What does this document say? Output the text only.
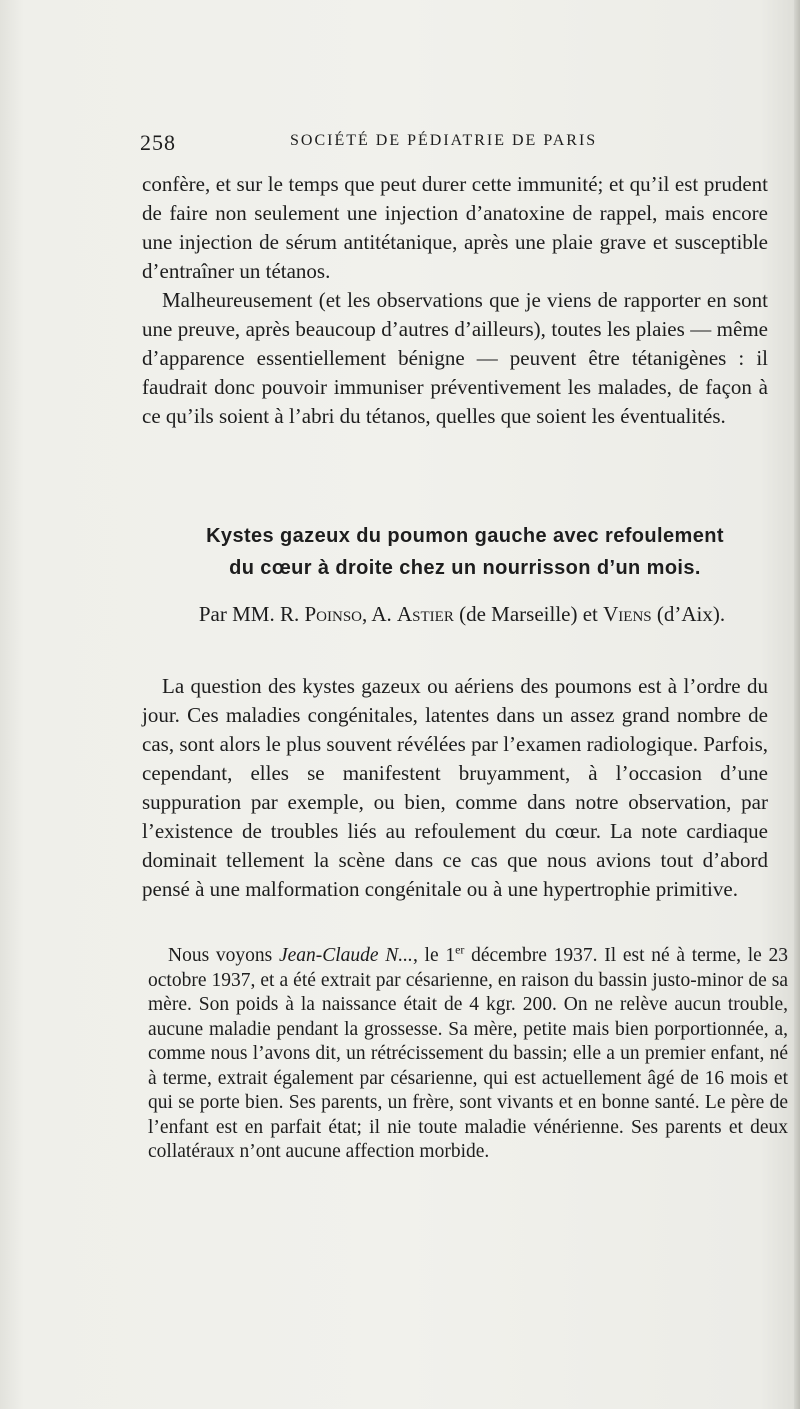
258	SOCIÉTÉ DE PÉDIATRIE DE PARIS

confère, et sur le temps que peut durer cette immunité; et qu’il est prudent de faire non seulement une injection d’anatoxine de rappel, mais encore une injection de sérum antitétanique, après une plaie grave et susceptible d’entraîner un tétanos.

Malheureusement (et les observations que je viens de rapporter en sont une preuve, après beaucoup d’autres d’ailleurs), toutes les plaies — même d’apparence essentiellement bénigne — peuvent être tétanigènes : il faudrait donc pouvoir immuniser préventivement les malades, de façon à ce qu’ils soient à l’abri du tétanos, quelles que soient les éventualités.

Kystes gazeux du poumon gauche avec refoulement
du cœur à droite chez un nourrisson d’un mois.
Par MM. R. Poinso, A. Astier (de Marseille) et Viens (d’Aix).

La question des kystes gazeux ou aériens des poumons est à l’ordre du jour. Ces maladies congénitales, latentes dans un assez grand nombre de cas, sont alors le plus souvent révélées par l’examen radiologique. Parfois, cependant, elles se manifestent bruyamment, à l’occasion d’une suppuration par exemple, ou bien, comme dans notre observation, par l’existence de troubles liés au refoulement du cœur. La note cardiaque dominait tellement la scène dans ce cas que nous avions tout d’abord pensé à une malformation congénitale ou à une hypertrophie primitive.

Nous voyons Jean-Claude N..., le 1er décembre 1937. Il est né à terme, le 23 octobre 1937, et a été extrait par césarienne, en raison du bassin justo-minor de sa mère. Son poids à la naissance était de 4 kgr. 200. On ne relève aucun trouble, aucune maladie pendant la grossesse. Sa mère, petite mais bien porportionnée, a, comme nous l’avons dit, un rétrécissement du bassin; elle a un premier enfant, né à terme, extrait également par césarienne, qui est actuellement âgé de 16 mois et qui se porte bien. Ses parents, un frère, sont vivants et en bonne santé. Le père de l’enfant est en parfait état; il nie toute maladie vénérienne. Ses parents et deux collatéraux n’ont aucune affection morbide.
